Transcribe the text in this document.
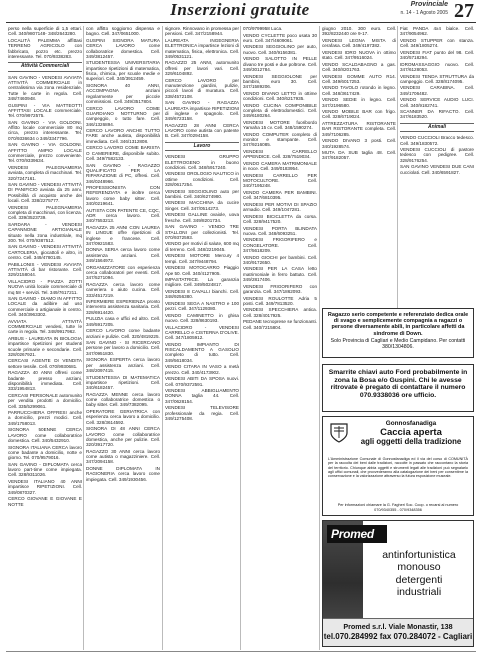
Inserzioni gratuite	Provinciale
n. 14 - 1 Agosto 2005 27

perso nella superficie di 1,5 ettari. Cell. 340/9807148- 348/2643280.

LOCALITÀ PALEMMA affittasi TERRENO AGRICOLO con fabbricato, pozzo etc. prezzo interessante. Tel. 070/9338283.

Attività Commerciali

SAN GAVINO - VENDESI AVVIATA ATTIVITÀ COMMERCIALE in centralissima via zona residenziale. Tutte le carte in regola. Cell. 348/7460948.

GUSPINI - VIA MATTEOTTI AFFITTASI LOCALE commerciale. Tel. 070/9972575.

SAN GAVINO - VIA GOLDONI. Affitto locale commerciale 80 mq circa, prezzo interessante. Tel. 070/9336634 o 349/3347796.

SAN GAVINO - VIA GOLDONI. AFFITTO AMPIO LOCALE commerciale, prezzo conveniente. Tel. 070/9339634.

VENDESI PALEGNAMERIA avviata, completa di macchinari. Tel. 320/7247161.

SAN GAVINO - VENDESI ATTIVITÀ DI PANIFICIO avviata da 25 anni. Possibilità di acquisto anche dei locali. Cell. 338/2275777.

VENDESI PALEGNAMERIA completa di macchinari, con licenza. Cell. 339/3523739.

SARDARA - VENDESI CAPANNONE ARTIGIANALE situato nella zona industriale, mq 200. Tel. 070/9387512.

SAN GAVINO - VENDESI ATTIVITÀ CARTOLERIA, giocattoli e altro, in centro. Cell. 349/4780145.

PABILLONIS - VENDESI AVVIATA ATTIVITÀ di bar ristorante. Cell. 329/2158044.

VILLACIDRO - PIAZZA ZOTTI NUOVA unità locale commerciale di mq 58 + servizi. Tel. 349/7617211.

SAN GAVINO - DIAMO IN AFFITTO LOCALE da adibire ad uso commerciale o artigianale in centro. Cell. 340/3963302.

AVVIATA ATTIVITÀ COMMERCIALE vendesi, tutte le carte in regola. Tel. 348/9917962.

ARBUS - LAUREATA IN BIOLOGIA impartisce ripetizioni per studenti scuole primarie e secondarie. Cell. 328/0267921.

CERCASI AGENTE DI VENDITA settore tessile. Cell. 070/9930681.

RAGAZZA 40 ANNI offresi come badante presso anziani, disponibilità immediata. Cell. 333/1954813.

CERCASI PERSONALE automunito per vendita prodotti a domicilio. Cell. 335/5299061.

PARRUCCHIERA OFFRESI anche a domicilio, prezzi modici. Cell. 349/1758013.

SIGNORA 50ENNE CERCA LAVORO come collaboratrice domestica. Cell. 340/5432910.

SIGNORA ITALIANA CERCA lavoro come badante a domicilio, notte e giorno. Tel. 070/9579016.

SAN GAVINO - DIPLOMATA cerca lavoro part-time come impiegata. Cell. 328/9311026.

VENDESI ITALIANO 40 ANNI impartisce RIPETIZIONI. Cell. 349/0870327.

CERCO GIOVANE E GIOVANE E NOTTE

con affitto soggiorno dispensa e bagno. Cell. 347/0651000.

GUSPINI SIGNORA MATURA CERCA LAVORO come collaboratrice domestica. Cell. 349/3812457.

STUDENTESSA UNIVERSITARIA impartisce ripetizioni di matematica, fisica, chimica, per scuole medie e superiori. Cell. 340/3912459.

SIGNORA 40 ANNI, ACCOMPAGNA anziani regolarmente per piccole commissioni. Cell. 349/3517804.

CERCO LAVORO COME GUARDIANO NOTTURNO per campeggio, o tutto fare. Cell. 346/1326894.

CERCO LAVORO ANCHE TUTTO FARE anche autista, disponibilità immediata. Cell. 346/1312808.

CERCO LAVORO COME BARISTA O CAMERIERE, disponibile subito. Cell. 349/7582133.

SAN GAVINO - RAGAZZO QUALIFICATO PER LA RIPARAZIONE di PC, offresi. Cell. 346/0248966.

PROFESSIONISTA CON REFERENZIATA e inoltre cerca lavoro come baby sitter. Cell. 340/0219641.

AUTISTA CON PATENTE CE, CQC, ADR cerca lavoro. Cell. 340/7553213.

RAGAZZA 25 ANNI CON LAUREA IN LINGUE offre ripetizioni di inglese e francese. Cell. 347/0921583.

DONNA SERIA cerca lavoro come assistenza anziani. Cell. 349/1564972.

ORGANIZZATORE con esperienza cerca collaboratori per eventi. Cell. 347/5271094.

RAGAZZA cerca lavoro come cameriera o aiuto cucina. Cell. 333/4517219.

INFERMIERE ESPERIENZA pronto intervento assistenza sanitaria. Cell. 328/6914420.

PULIZIA casa e uffici ed altro. Cell. 349/5917205.

CERCO LAVORO come badante anziani e pulizie. Cell. 320/4819225.

SAN GAVINO - SI RICERCANO persone per lavoro a domicilio. Cell. 347/0951830.

SIGNORA ESPERTA cerca lavoro per assistenza anziani. Cell. 348/2097415.

STUDENTESSA DI MATEMATICA impartisce ripetizioni. Cell. 340/6182457.

RAGAZZA MENNE cerca lavoro come collaboratrice domestica o baby sitter. Cell. 349/7382095.

OPERATORE GERIATRICA con esperienza cerca lavoro a domicilio. Cell. 328/3614592.

SIGNORA DI 48 ANNI CERCA LAVORO come collaboratrice domestica, anche per pulizie. Cell. 320/3917720.

RAGAZZO 30 ANNI cerca lavoro come autista o magazziniere. Cell. 347/2094158.

DONNE DIPLOMATA IN RAGIONERIA cerca lavoro come impiegata. Cell. 349/1930456.

signore. Rinnovano in promessa per pensioni. Cell. 347/2158944.

LAUREATA INGEGNERIA ELETTRONICA impartisce lezioni di matematica, fisica, elettronica. Cell. 349/0531121.

RAGAZZO 25 ANNI, automunito offresi per lavori vari. Cell. 329/6104892.

CERCO LAVORO per manutenzione giardini, pulizie, piccoli lavori di muratura. Cell. 338/4572108.

SAN GAVINO - RAGAZZA LAUREATA impartisce RIPETIZIONI di inglese e spagnolo. Cell. 349/6723158.

RAGAZZO 28 ANNI CERCA LAVORO come autista con patente B. Cell. 347/0294158.

Lavoro

VENDESI GRUPPO ELETTROGENO in buono condizioni. Cell. 348/5917240.

VENDESI OROLOGIO NAUTICO in ottime condizioni. Cell. 328/0617254.

VENDESI SEGGIOLINO auto per bambini. Cell. 340/6274980.

VENDESI MACCHINA da cucire Singer. Cell. 347/0514273.

VENDESI GALLINE ovaiole, uova fresche. Cell. 349/8201734.

SAN GAVINO - VENDO TRE STALLONI per collezionisti. Tel. 070/9372593.

VENDO per motivi di salute, 600 mq di terreno. Cell. 348/2219045.

VENDESI MOTORE Mercury 4 tempi. Cell. 347/9448794.

VENDESI MOTOCARRO Piaggio Ape 50. Cell. 340/4127905.

IMPASTATRICE. La garanzia migliore. Cell. 349/5024817.

VENDESI 8 CAVALLI bianchi. Cell. 348/9256380.

VENDESI SEGA A NASTRO e 100 pezzi. Cell. 347/1129380.

VENDO CAMINETTO in ghisa nuovo. Cell. 328/8630193.

VILLACIDRO - VENDESI CARRELLO e CISTERNA D'OLIVE. Cell. 347/1805912.

VENDO IMPIANTO DI RISCALDAMENTO A GASOLIO completo di tutto. Cell. 349/5618034.

VENDO CITARA IN VASO a metà prezzo. Cell. 340/4173902.

VENDESI ABITI DA SPOSA nuovi. Cell. 070/9372591.

VENDESI ABBIGLIAMENTO DONNA taglia 44. Cell. 347/0628154.

VENDESI TELEVISORE professionale da regia. Cell. 349/1275408.

070/9799958 Luca.

VENDO CYCLETTE poco usata 30 euro. Cell. 347/4609061.

VENDESI SEGGIOLINO per auto, nuovo. Cell. 340/9156381.

VENDO SALOTTO IN PELLE divano tre posti e due poltrone. Cell. 349/3012784.

VENDESI SEGGIOLONE per bambini, euro 30. Cell. 347/1589206.

VENDO DIVANO LETTO in ottime condizioni. Cell. 340/6217935.

VENDO CUCINA COMPONIBILE completa di elettrodomestici. Cell. 349/6180264.

VENDESI MOTORE fuoribordo Yamaha 15 cv. Cell. 348/1590274.

VENDO COMPUTER completo di monitor e stampante. Cell. 347/9216085.

VENDESI CARRELLO APPENDICE. Cell. 328/7519034.

VENDO CAMERA MATRIMONIALE in noce. Cell. 349/0183954.

VENDESI CARRELLO PER MOTOCULTORE. Cell. 340/7195248.

VENDO CAMERA PER BAMBINI. Cell. 347/6810395.

VENDESI PER MOTIVI DI SPAZIO armadio. Cell. 349/1047281.

VENDESI BICICLETTA da corsa. Cell. 328/9417520.

VENDESI PORTA BLINDATA nuova. Cell. 348/6093251.

VENDESI FRIGORIFERO e CONGELATORE. Cell. 347/5618209.

VENDO GIOCHI per bambini. Cell. 340/9172650.

VENDESI PER LA CASA letto matrimoniale in ferro battuto. Cell. 349/2817406.

VENDESI FRIGORIFERO con garanzia. Cell. 347/1862093.

VENDESI ROULOTTE Adria 5 posti. Cell. 349/7813520.

VENDESI SPECCHIERA antica. Cell. 328/4017925.

PEDANE tecnoprese se funzionanti. Cell. 340/7215804.

giugno 2010. 300 euro. Cell. 392/8232440 ore 9-17.

VENDESI LEGNA MISTA di cerafasa. Cell. 349/4197382.

VENDESI IDRO NUOVA in ottimo stato. Cell. 347/9516024.

VENDO SCALDABAGNO a gas. Cell. 340/8201763.

VENDESI GOMME AUTO R14. Cell. 349/6017253.

VENDO TAVOLO rotondo in legno. Cell. 348/3617429.

VENDO SEDIE in legno. Cell. 347/2196580.

VENDO MOBILE BAR con frigo. Cell. 328/6719024.

ATTREZZATURA RISTORANTE BAR RISTORANTE completa. Cell. 349/7106285.

VENDO DIVANO 3 posti. Cell. 340/1928574.

MUTA DA SUB taglia 48. Cell. 347/9182057.

Fiat PANDA 4x4 bialce. Cell. 347/9054962.

VENDO STUPPER con stanza. Cell. 349/1805274.

VENDESI FIAT punto del 98. Cell. 340/5718294.

IDROMASSAGGIO nuovo. Cell. 347/6128053.

VENDESI TENDA STRUTTURA da campeggio. Cell. 328/8174095.

VENDESI CARABINA. Cell. 349/1706482.

VENDO SERVICE AUDIO LUCI. Cell. 340/9182741.

SCANNER DA RIFACTO. Cell. 347/6183520.

Animali

VENDO CUCCIOLI Bracco tedesco. Cell. 349/1830572.

VENDESI CUCCIOLI di pastore tedesco con pedigree. Cell. 328/9176254.

SAN GAVINO VENDESI DUE CANI cucciolati. Cell. 340/6591827.

Ragazzo serio competente e referenziato dedica orale di svago e semplicemente compagnia a ragazzi o persone diversamente abili, in particolare affetti da sindrome di Down.
Solo Provincia di Cagliari e Medio Campidano. Per contatti 380/1304806.
Smarrite chiavi auto Ford probabilmente in zona la Bosa e/o Guspini. Chi le avesse ritrovate è pregato di contattare il numero 070.9338036 ore ufficio.
Gonnosfanadiga
Caccia aperta
agli oggetti della tradizione
L'Amministrazione Comunale di Gonnosfanadiga ed il via del corso di COMUNITÀ per la raccolta dei beni dalle tradizioni, raccolte in passato che raccontano la storia del territorio. Chiunque abbia oggetti e strumenti legati alle tradizioni può segnalarlo agli uffici comunali, che provvederanno alla catalogazione dei beni per consentirne la conservazione e la valorizzazione attraverso la futura esposizione museale.
Per informazioni chiamare la G. Fagheri Soc. Coop. o recarsi al numero 070/9340355 - 070/9348356
Promed
antinfortunistica
monouso
detergenti
industriali
Promed s.r.l. Viale Monastir, 138
tel.070.284992 fax 070.284072 - Cagliari
